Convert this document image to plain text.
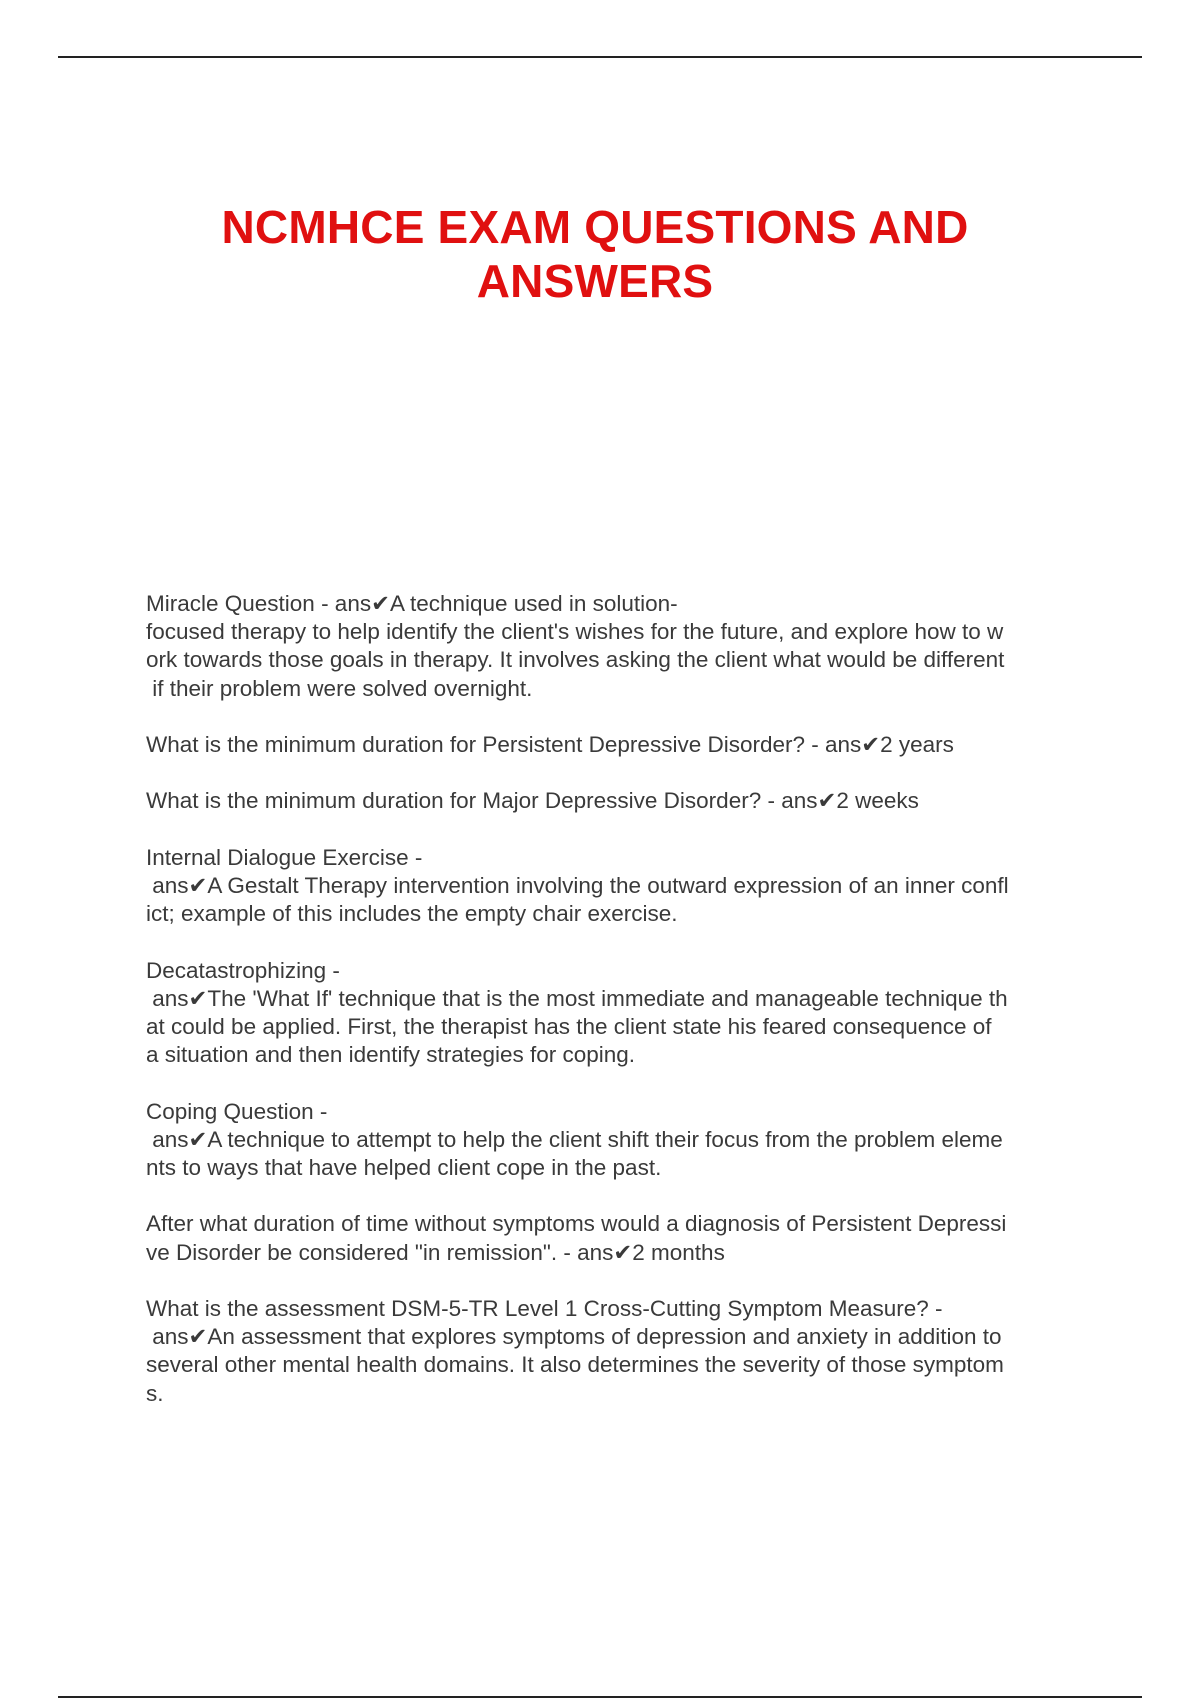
NCMHCE EXAM QUESTIONS AND
ANSWERS
Miracle Question - ans✔A technique used in solution-
focused therapy to help identify the client's wishes for the future, and explore how to w
ork towards those goals in therapy. It involves asking the client what would be different
if their problem were solved overnight.
What is the minimum duration for Persistent Depressive Disorder? - ans✔2 years
What is the minimum duration for Major Depressive Disorder? - ans✔2 weeks
Internal Dialogue Exercise -
ans✔A Gestalt Therapy intervention involving the outward expression of an inner confl
ict; example of this includes the empty chair exercise.
Decatastrophizing -
ans✔The 'What If' technique that is the most immediate and manageable technique th
at could be applied. First, the therapist has the client state his feared consequence of
a situation and then identify strategies for coping.
Coping Question -
ans✔A technique to attempt to help the client shift their focus from the problem eleme
nts to ways that have helped client cope in the past.
After what duration of time without symptoms would a diagnosis of Persistent Depressi
ve Disorder be considered "in remission". - ans✔2 months
What is the assessment DSM-5-TR Level 1 Cross-Cutting Symptom Measure? -
ans✔An assessment that explores symptoms of depression and anxiety in addition to
several other mental health domains. It also determines the severity of those symptom
s.
